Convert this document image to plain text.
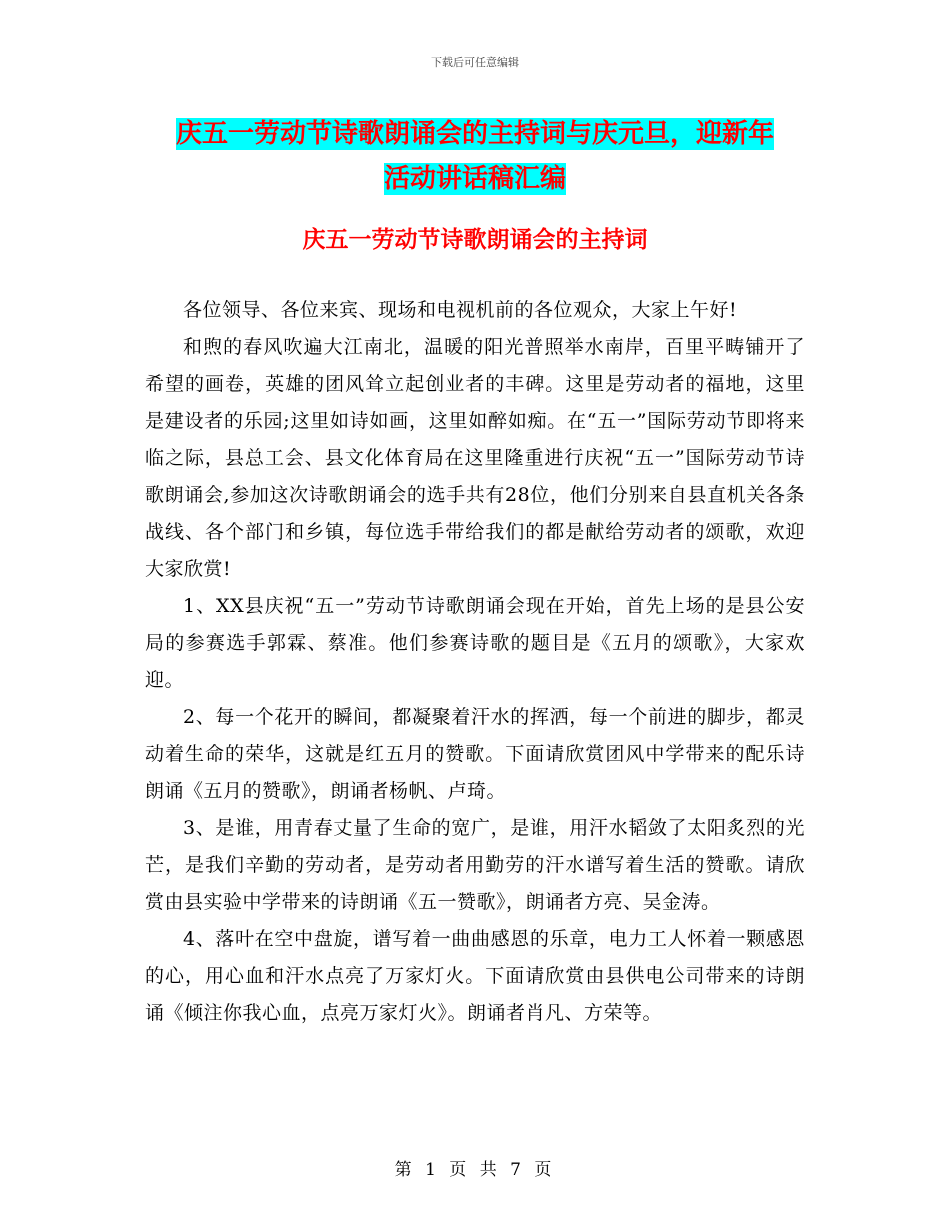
下载后可任意编辑
庆五一劳动节诗歌朗诵会的主持词与庆元旦，迎新年
活动讲话稿汇编
庆五一劳动节诗歌朗诵会的主持词

各位领导、各位来宾、现场和电视机前的各位观众，大家上午好!

和煦的春风吹遍大江南北，温暖的阳光普照举水南岸，百里平畴铺开了希望的画卷，英雄的团风耸立起创业者的丰碑。这里是劳动者的福地，这里是建设者的乐园;这里如诗如画，这里如醉如痴。在“五一”国际劳动节即将来临之际，县总工会、县文化体育局在这里隆重进行庆祝“五一”国际劳动节诗歌朗诵会,参加这次诗歌朗诵会的选手共有28位，他们分别来自县直机关各条战线、各个部门和乡镇，每位选手带给我们的都是献给劳动者的颂歌，欢迎大家欣赏!

1、XX县庆祝“五一”劳动节诗歌朗诵会现在开始，首先上场的是县公安局的参赛选手郭霖、蔡准。他们参赛诗歌的题目是《五月的颂歌》，大家欢迎。

2、每一个花开的瞬间，都凝聚着汗水的挥洒，每一个前进的脚步，都灵动着生命的荣华，这就是红五月的赞歌。下面请欣赏团风中学带来的配乐诗朗诵《五月的赞歌》，朗诵者杨帆、卢琦。

3、是谁，用青春丈量了生命的宽广，是谁，用汗水韬敛了太阳炙烈的光芒，是我们辛勤的劳动者，是劳动者用勤劳的汗水谱写着生活的赞歌。请欣赏由县实验中学带来的诗朗诵《五一赞歌》，朗诵者方亮、吴金涛。

4、落叶在空中盘旋，谱写着一曲曲感恩的乐章，电力工人怀着一颗感恩的心，用心血和汗水点亮了万家灯火。下面请欣赏由县供电公司带来的诗朗诵《倾注你我心血，点亮万家灯火》。朗诵者肖凡、方荣等。

第 1 页 共 7 页
